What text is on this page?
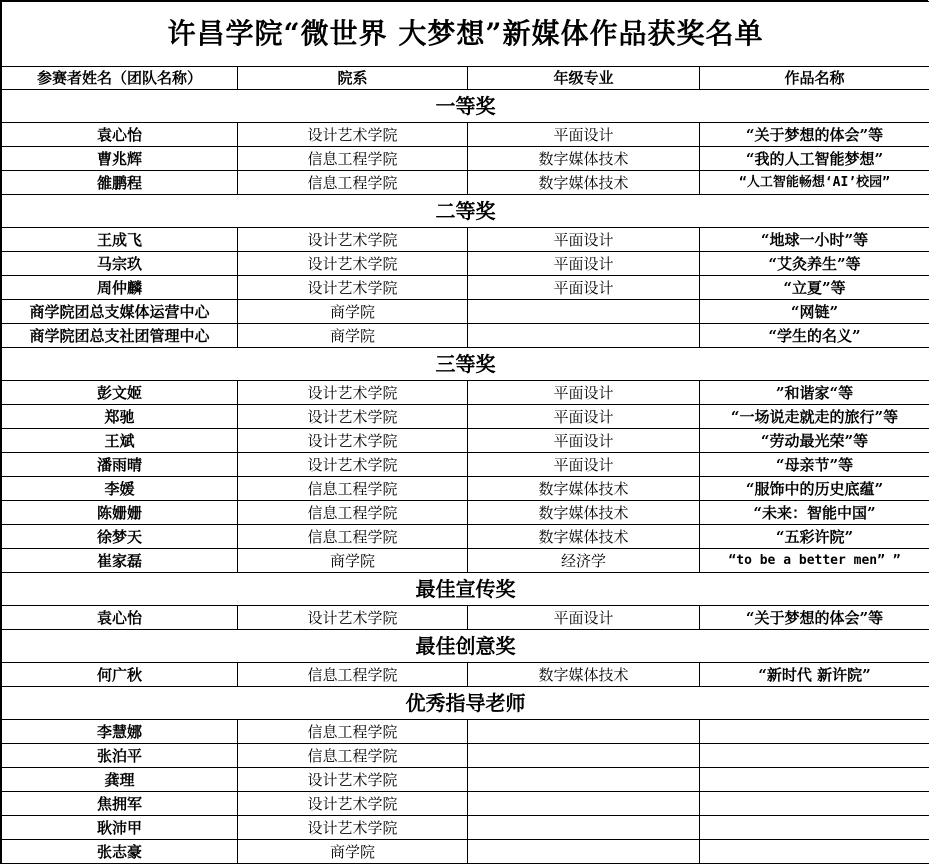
许昌学院“微世界 大梦想”新媒体作品获奖名单			
参赛者姓名（团队名称）	院系	年级专业	作品名称
一等奖			
袁心怡	设计艺术学院	平面设计	“关于梦想的体会”等
曹兆辉	信息工程学院	数字媒体技术	“我的人工智能梦想”
雒鹏程	信息工程学院	数字媒体技术	“人工智能畅想‘AI’校园”
二等奖			
王成飞	设计艺术学院	平面设计	“地球一小时”等
马宗玖	设计艺术学院	平面设计	“艾灸养生”等
周仲麟	设计艺术学院	平面设计	“立夏”等
商学院团总支媒体运营中心	商学院		“网链”
商学院团总支社团管理中心	商学院		“学生的名义”
三等奖			
彭文姬	设计艺术学院	平面设计	”和谐家“等
郑驰	设计艺术学院	平面设计	“一场说走就走的旅行”等
王斌	设计艺术学院	平面设计	“劳动最光荣”等
潘雨晴	设计艺术学院	平面设计	“母亲节”等
李媛	信息工程学院	数字媒体技术	“服饰中的历史底蕴”
陈姗姗	信息工程学院	数字媒体技术	“未来：智能中国”
徐梦天	信息工程学院	数字媒体技术	“五彩许院”
崔家磊	商学院	经济学	“to be a better men” ”
最佳宣传奖			
袁心怡	设计艺术学院	平面设计	“关于梦想的体会”等
最佳创意奖			
何广秋	信息工程学院	数字媒体技术	“新时代 新许院”
优秀指导老师			
李慧娜	信息工程学院		
张泊平	信息工程学院		
龚理	设计艺术学院		
焦拥军	设计艺术学院		
耿沛甲	设计艺术学院		
张志豪	商学院		
